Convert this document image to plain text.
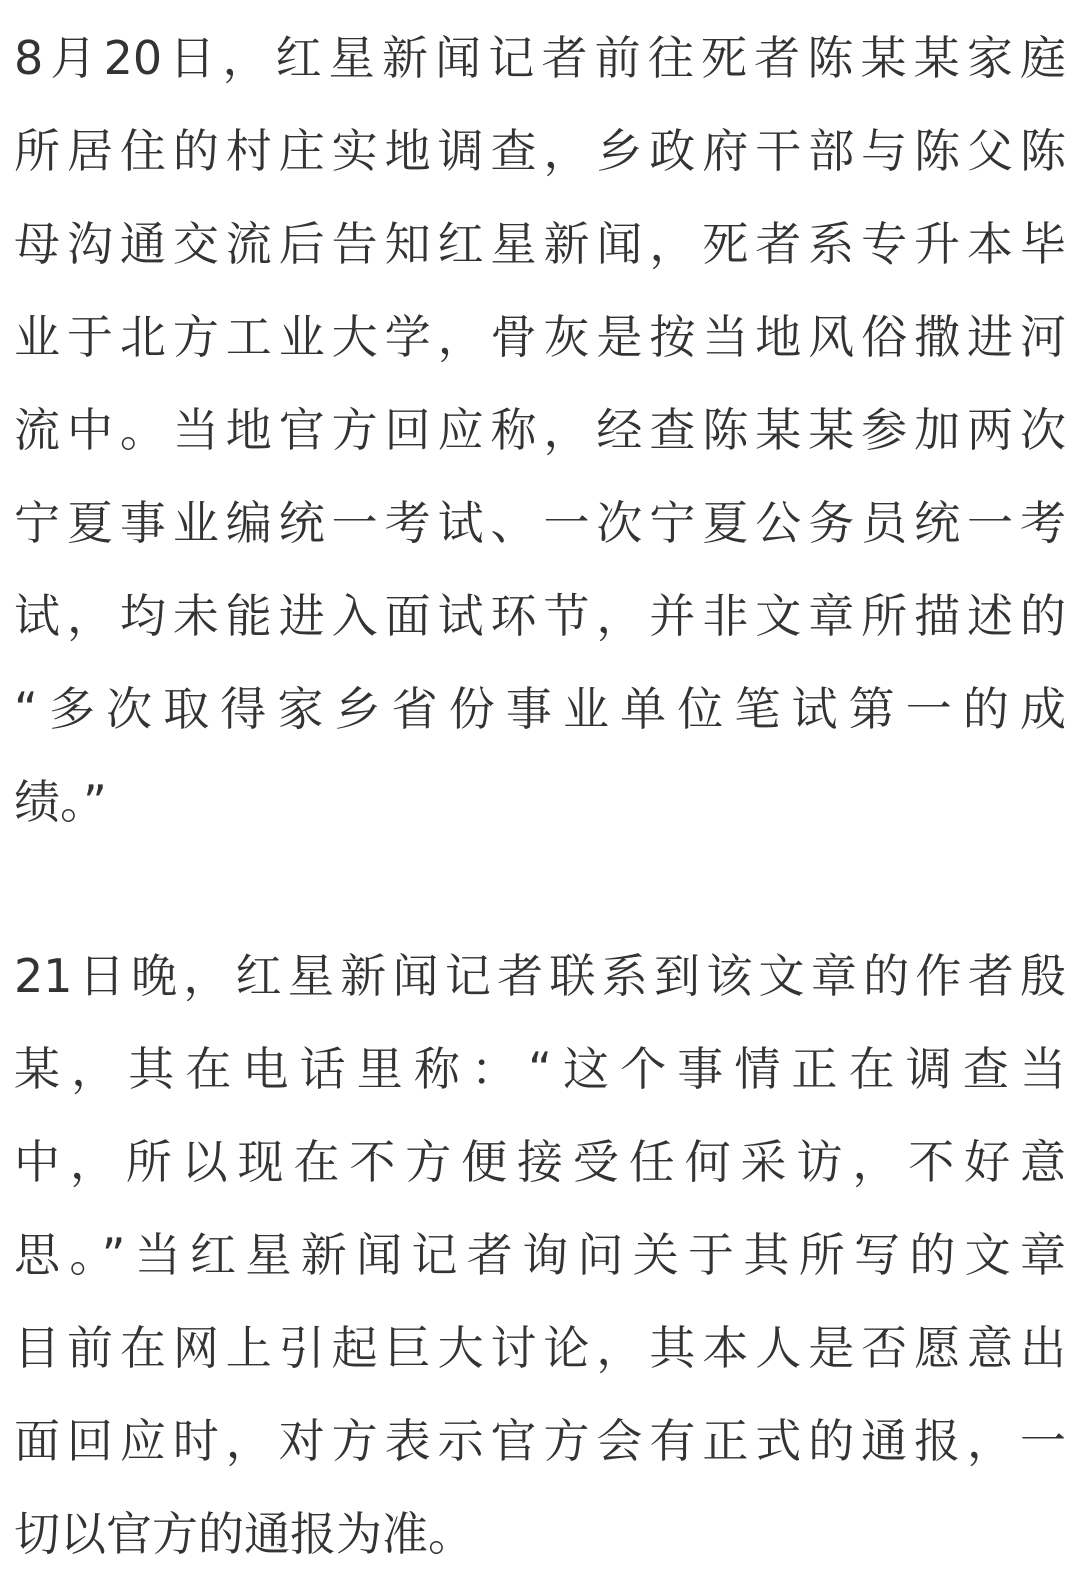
8月20日，红星新闻记者前往死者陈某某家庭
所居住的村庄实地调查，乡政府干部与陈父陈
母沟通交流后告知红星新闻，死者系专升本毕
业于北方工业大学，骨灰是按当地风俗撒进河
流中。当地官方回应称，经查陈某某参加两次
宁夏事业编统一考试、一次宁夏公务员统一考
试，均未能进入面试环节，并非文章所描述的
“多次取得家乡省份事业单位笔试第一的成
绩。”
21日晚，红星新闻记者联系到该文章的作者殷
某，其在电话里称：“这个事情正在调查当
中，所以现在不方便接受任何采访，不好意
思。”当红星新闻记者询问关于其所写的文章
目前在网上引起巨大讨论，其本人是否愿意出
面回应时，对方表示官方会有正式的通报，一
切以官方的通报为准。
